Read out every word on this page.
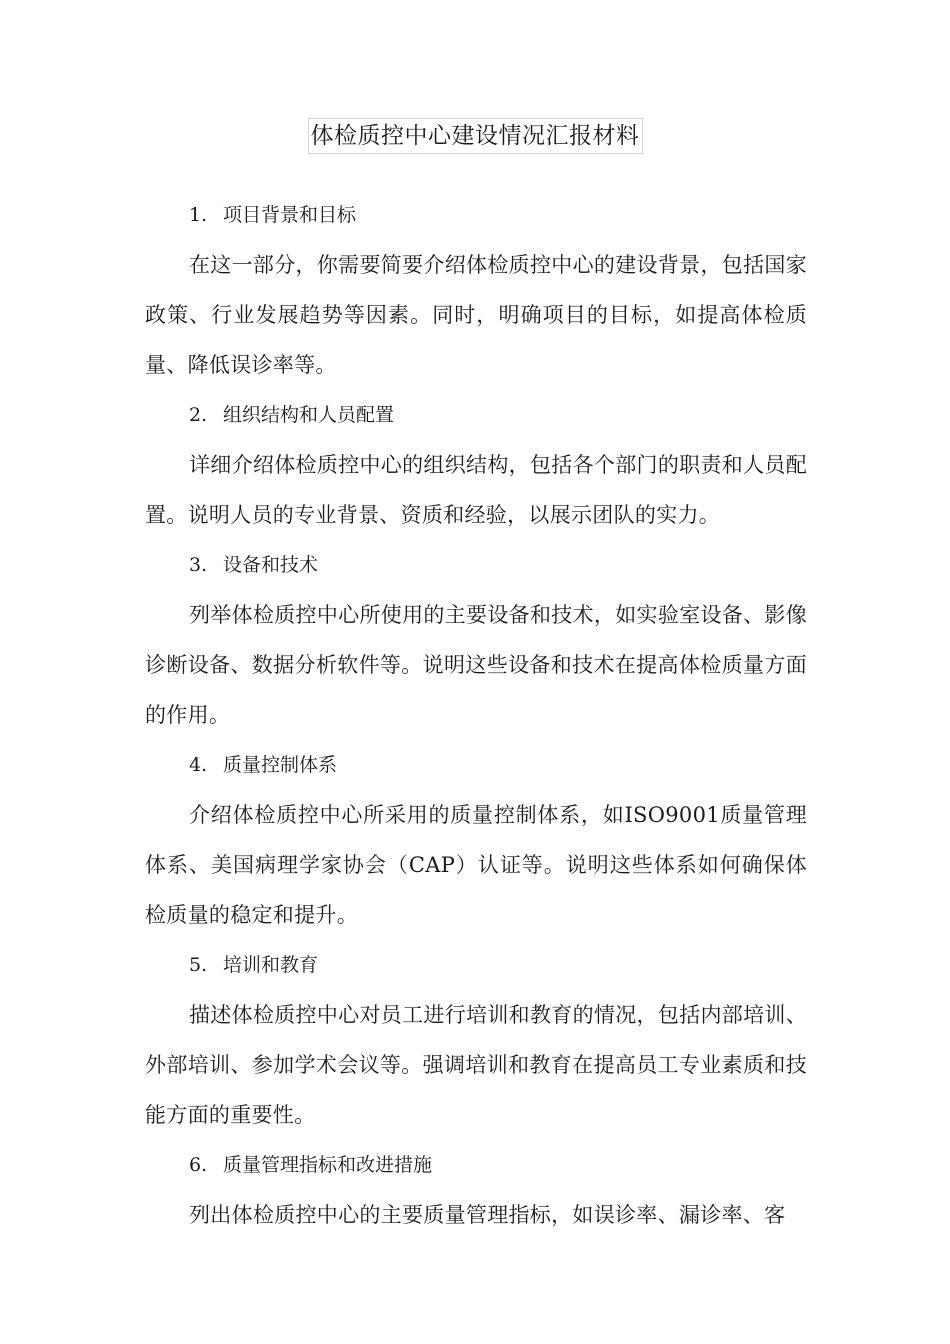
体检质控中心建设情况汇报材料
1. 项目背景和目标

在这一部分，你需要简要介绍体检质控中心的建设背景，包括国家政策、行业发展趋势等因素。同时，明确项目的目标，如提高体检质量、降低误诊率等。

2. 组织结构和人员配置

详细介绍体检质控中心的组织结构，包括各个部门的职责和人员配置。说明人员的专业背景、资质和经验，以展示团队的实力。

3. 设备和技术

列举体检质控中心所使用的主要设备和技术，如实验室设备、影像诊断设备、数据分析软件等。说明这些设备和技术在提高体检质量方面的作用。

4. 质量控制体系

介绍体检质控中心所采用的质量控制体系，如ISO9001质量管理体系、美国病理学家协会（CAP）认证等。说明这些体系如何确保体检质量的稳定和提升。

5. 培训和教育

描述体检质控中心对员工进行培训和教育的情况，包括内部培训、外部培训、参加学术会议等。强调培训和教育在提高员工专业素质和技能方面的重要性。

6. 质量管理指标和改进措施

列出体检质控中心的主要质量管理指标，如误诊率、漏诊率、客
